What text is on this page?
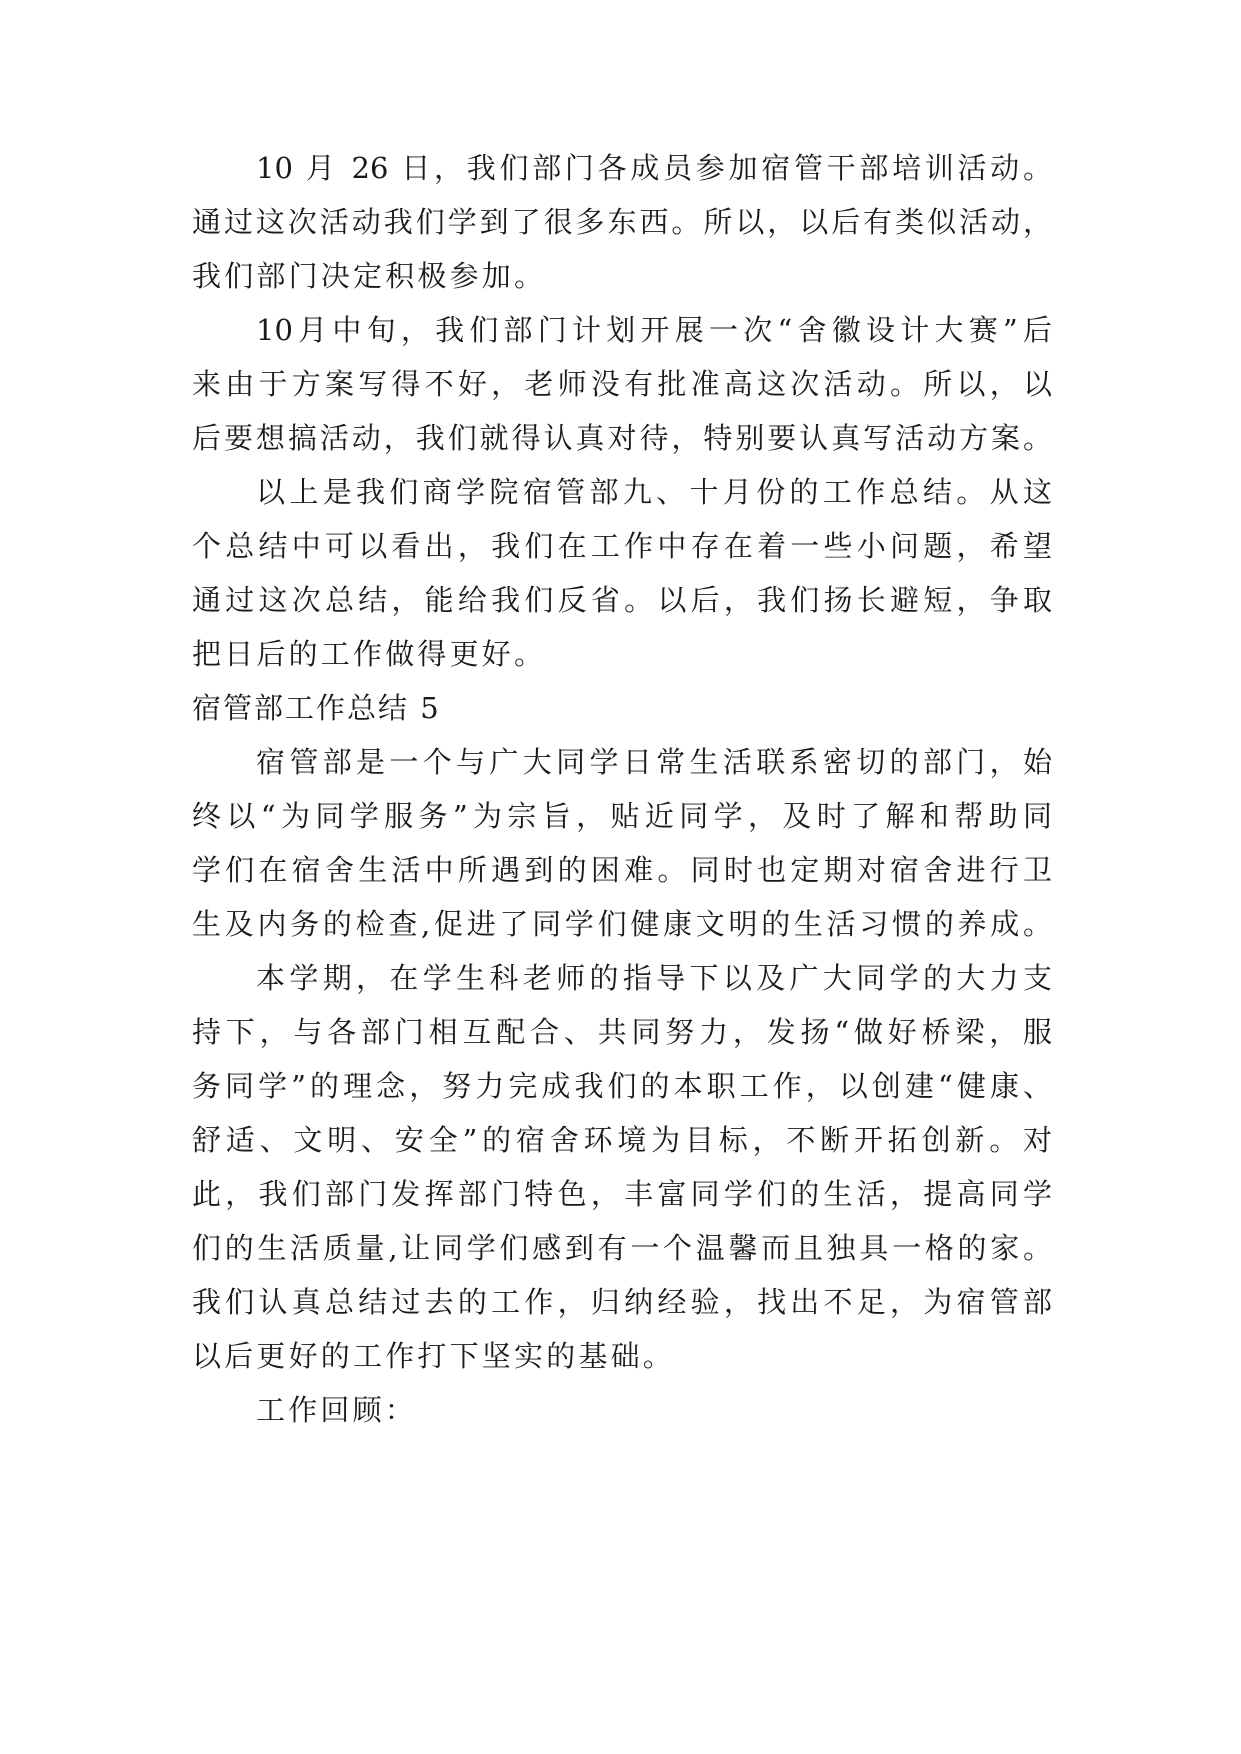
10 月 26 日，我们部门各成员参加宿管干部培训活动。
通过这次活动我们学到了很多东西。所以，以后有类似活动，
我们部门决定积极参加。
10月中旬，我们部门计划开展一次“舍徽设计大赛”后
来由于方案写得不好，老师没有批准高这次活动。所以，以
后要想搞活动，我们就得认真对待，特别要认真写活动方案。
以上是我们商学院宿管部九、十月份的工作总结。从这
个总结中可以看出，我们在工作中存在着一些小问题，希望
通过这次总结，能给我们反省。以后，我们扬长避短，争取
把日后的工作做得更好。
宿管部工作总结 5
宿管部是一个与广大同学日常生活联系密切的部门，始
终以“为同学服务”为宗旨，贴近同学，及时了解和帮助同
学们在宿舍生活中所遇到的困难。同时也定期对宿舍进行卫
生及内务的检查,促进了同学们健康文明的生活习惯的养成。
本学期，在学生科老师的指导下以及广大同学的大力支
持下，与各部门相互配合、共同努力，发扬“做好桥梁，服
务同学”的理念，努力完成我们的本职工作，以创建“健康、
舒适、文明、安全”的宿舍环境为目标，不断开拓创新。对
此，我们部门发挥部门特色，丰富同学们的生活，提高同学
们的生活质量,让同学们感到有一个温馨而且独具一格的家。
我们认真总结过去的工作，归纳经验，找出不足，为宿管部
以后更好的工作打下坚实的基础。
工作回顾：
